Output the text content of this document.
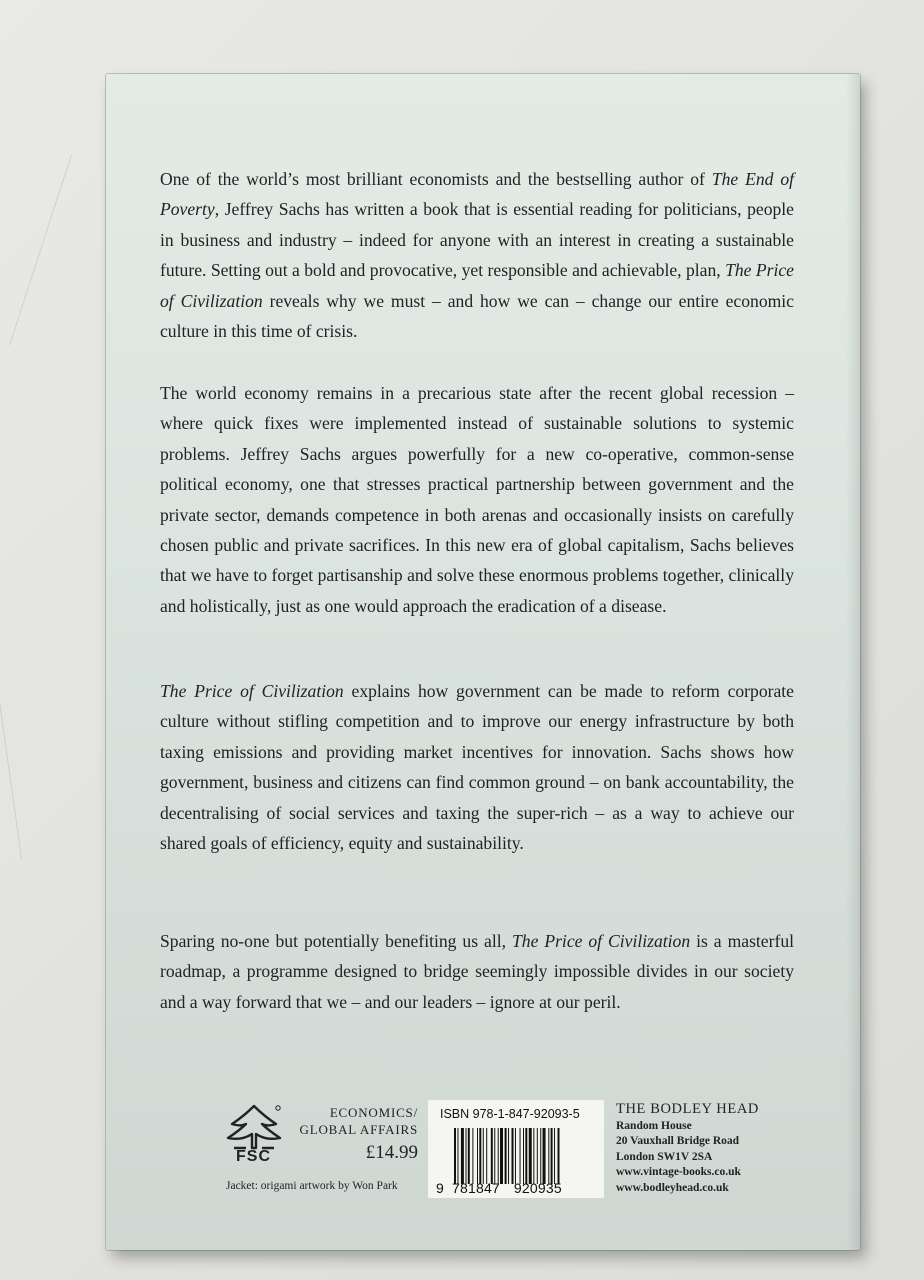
One of the world’s most brilliant economists and the bestselling author of The End of Poverty, Jeffrey Sachs has written a book that is essential reading for politicians, people in business and industry – indeed for anyone with an interest in creating a sustainable future. Setting out a bold and provocative, yet responsible and achievable, plan, The Price of Civilization reveals why we must – and how we can – change our entire economic culture in this time of crisis.

The world economy remains in a precarious state after the recent global recession – where quick fixes were implemented instead of sustainable solutions to systemic problems. Jeffrey Sachs argues powerfully for a new co-operative, common-sense political economy, one that stresses practical partnership between government and the private sector, demands competence in both arenas and occasionally insists on carefully chosen public and private sacrifices. In this new era of global capitalism, Sachs believes that we have to forget partisanship and solve these enormous problems together, clinically and holistically, just as one would approach the eradication of a disease.

The Price of Civilization explains how government can be made to reform corporate culture without stifling competition and to improve our energy infrastructure by both taxing emissions and providing market incentives for innovation. Sachs shows how government, business and citizens can find common ground – on bank accountability, the decentralising of social services and taxing the super-rich – as a way to achieve our shared goals of efficiency, equity and sustainability.

Sparing no-one but potentially benefiting us all, The Price of Civilization is a masterful roadmap, a programme designed to bridge seemingly impossible divides in our society and a way forward that we – and our leaders – ignore at our peril.

FSC
ECONOMICS/
GLOBAL AFFAIRS
£14.99
Jacket: origami artwork by Won Park
ISBN 978-1-847-92093-5
9 781847 920935
THE BODLEY HEAD
Random House
20 Vauxhall Bridge Road
London SW1V 2SA
www.vintage-books.co.uk
www.bodleyhead.co.uk
